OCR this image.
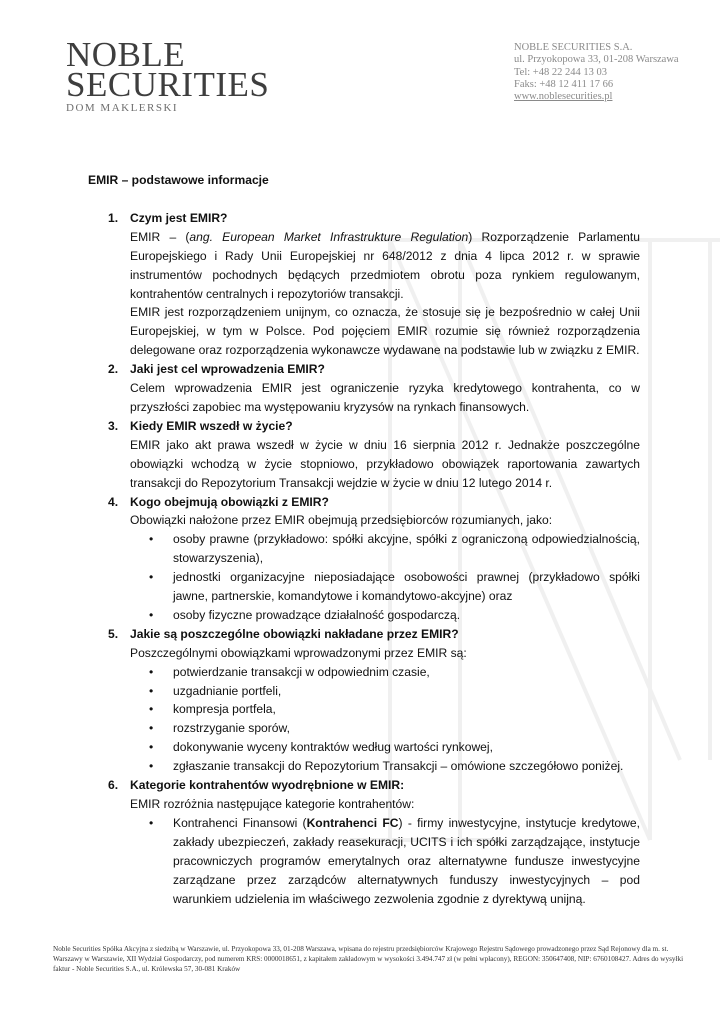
NOBLE
SECURITIES
DOM MAKLERSKI
NOBLE SECURITIES S.A.
ul. Przyokopowa 33, 01-208 Warszawa
Tel: +48 22 244 13 03
Faks: +48 12 411 17 66
www.noblesecurities.pl
EMIR – podstawowe informacje
1. Czym jest EMIR?
EMIR – (ang. European Market Infrastrukture Regulation) Rozporządzenie Parlamentu Europejskiego i Rady Unii Europejskiej nr 648/2012 z dnia 4 lipca 2012 r. w sprawie instrumentów pochodnych będących przedmiotem obrotu poza rynkiem regulowanym, kontrahentów centralnych i repozytoriów transakcji.
EMIR jest rozporządzeniem unijnym, co oznacza, że stosuje się je bezpośrednio w całej Unii Europejskiej, w tym w Polsce. Pod pojęciem EMIR rozumie się również rozporządzenia delegowane oraz rozporządzenia wykonawcze wydawane na podstawie lub w związku z EMIR.
2. Jaki jest cel wprowadzenia EMIR?
Celem wprowadzenia EMIR jest ograniczenie ryzyka kredytowego kontrahenta, co w przyszłości zapobiec ma występowaniu kryzysów na rynkach finansowych.
3. Kiedy EMIR wszedł w życie?
EMIR jako akt prawa wszedł w życie w dniu 16 sierpnia 2012 r. Jednakże poszczególne obowiązki wchodzą w życie stopniowo, przykładowo obowiązek raportowania zawartych transakcji do Repozytorium Transakcji wejdzie w życie w dniu 12 lutego 2014 r.
4. Kogo obejmują obowiązki z EMIR?
Obowiązki nałożone przez EMIR obejmują przedsiębiorców rozumianych, jako:
• osoby prawne (przykładowo: spółki akcyjne, spółki z ograniczoną odpowiedzialnością, stowarzyszenia),
• jednostki organizacyjne nieposiadające osobowości prawnej (przykładowo spółki jawne, partnerskie, komandytowe i komandytowo-akcyjne) oraz
• osoby fizyczne prowadzące działalność gospodarczą.
5. Jakie są poszczególne obowiązki nakładane przez EMIR?
Poszczególnymi obowiązkami wprowadzonymi przez EMIR są:
• potwierdzanie transakcji w odpowiednim czasie,
• uzgadnianie portfeli,
• kompresja portfela,
• rozstrzyganie sporów,
• dokonywanie wyceny kontraktów według wartości rynkowej,
• zgłaszanie transakcji do Repozytorium Transakcji – omówione szczegółowo poniżej.
6. Kategorie kontrahentów wyodrębnione w EMIR:
EMIR rozróżnia następujące kategorie kontrahentów:
• Kontrahenci Finansowi (Kontrahenci FC) - firmy inwestycyjne, instytucje kredytowe, zakłady ubezpieczeń, zakłady reasekuracji, UCITS i ich spółki zarządzające, instytucje pracowniczych programów emerytalnych oraz alternatywne fundusze inwestycyjne zarządzane przez zarządców alternatywnych funduszy inwestycyjnych – pod warunkiem udzielenia im właściwego zezwolenia zgodnie z dyrektywą unijną.
Noble Securities Spółka Akcyjna z siedzibą w Warszawie, ul. Przyokopowa 33, 01-208 Warszawa, wpisana do rejestru przedsiębiorców Krajowego Rejestru Sądowego prowadzonego przez Sąd Rejonowy dla m. st. Warszawy w Warszawie, XII Wydział Gospodarczy, pod numerem KRS: 0000018651, z kapitałem zakładowym w wysokości 3.494.747 zł (w pełni wpłacony), REGON: 350647408, NIP: 6760108427. Adres do wysyłki faktur - Noble Securities S.A., ul. Królewska 57, 30-081 Kraków
